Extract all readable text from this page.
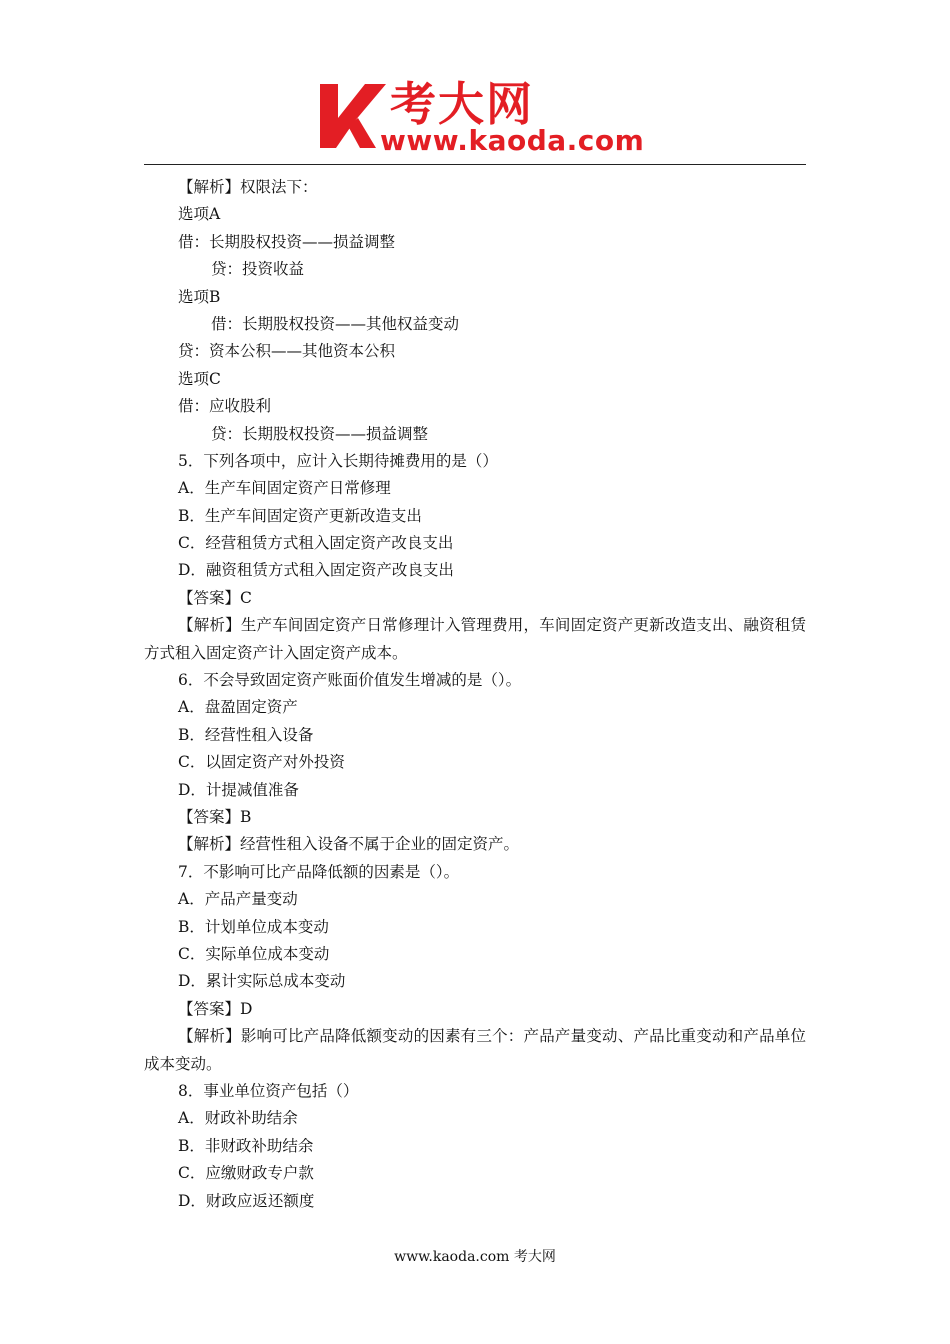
考大网
www.kaoda.com
【解析】权限法下：
选项A
借：长期股权投资——损益调整
贷：投资收益
选项B
借：长期股权投资——其他权益变动
贷：资本公积——其他资本公积
选项C
借：应收股利
贷：长期股权投资——损益调整
5．下列各项中，应计入长期待摊费用的是（）
A．生产车间固定资产日常修理
B．生产车间固定资产更新改造支出
C．经营租赁方式租入固定资产改良支出
D．融资租赁方式租入固定资产改良支出
【答案】C
【解析】生产车间固定资产日常修理计入管理费用，车间固定资产更新改造支出、融资租赁方式租入固定资产计入固定资产成本。
6．不会导致固定资产账面价值发生增减的是（）。
A．盘盈固定资产
B．经营性租入设备
C．以固定资产对外投资
D．计提减值准备
【答案】B
【解析】经营性租入设备不属于企业的固定资产。
7．不影响可比产品降低额的因素是（）。
A．产品产量变动
B．计划单位成本变动
C．实际单位成本变动
D．累计实际总成本变动
【答案】D
【解析】影响可比产品降低额变动的因素有三个：产品产量变动、产品比重变动和产品单位成本变动。
8．事业单位资产包括（）
A．财政补助结余
B．非财政补助结余
C．应缴财政专户款
D．财政应返还额度
www.kaoda.com 考大网
